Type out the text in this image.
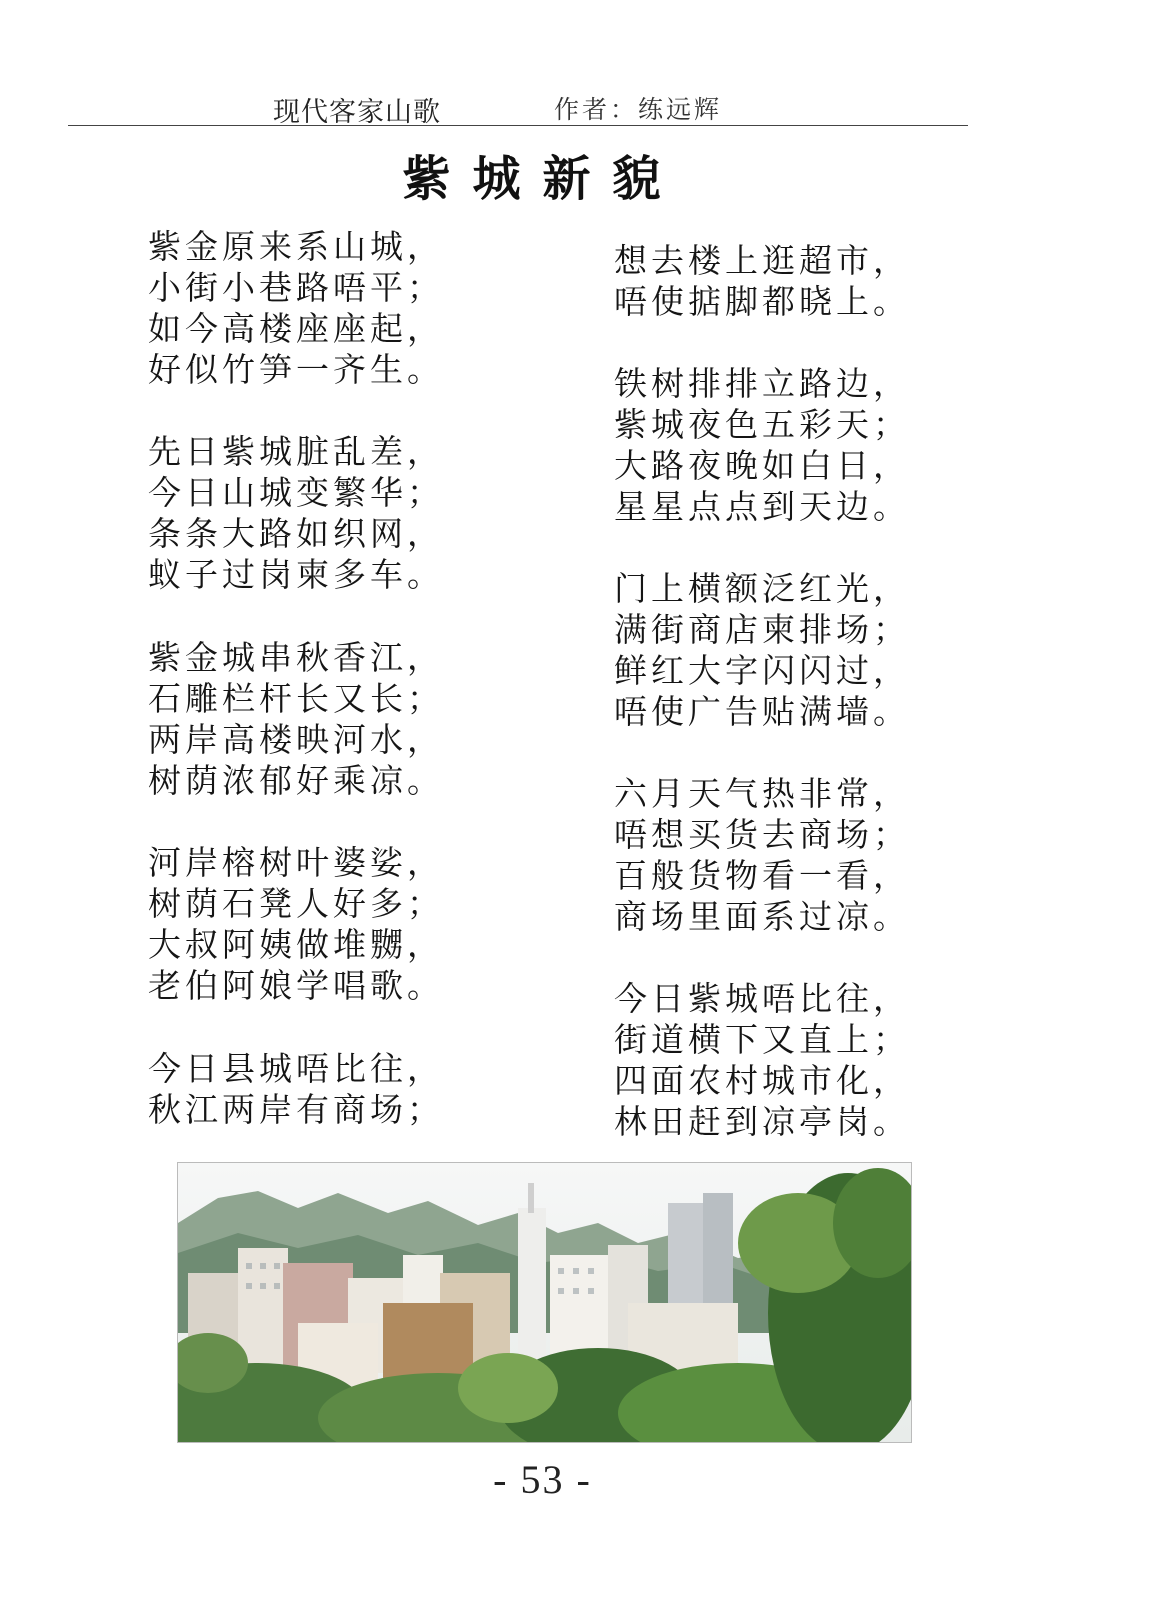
现代客家山歌	作者：练远辉
紫城新貌
紫金原来系山城，
小街小巷路唔平；
如今高楼座座起，
好似竹笋一齐生。
先日紫城脏乱差，
今日山城变繁华；
条条大路如织网，
蚁子过岗柬多车。
紫金城串秋香江，
石雕栏杆长又长；
两岸高楼映河水，
树荫浓郁好乘凉。
河岸榕树叶婆娑，
树荫石凳人好多；
大叔阿姨做堆嬲，
老伯阿娘学唱歌。
今日县城唔比往，
秋江两岸有商场；
想去楼上逛超市，
唔使掂脚都晓上。
铁树排排立路边，
紫城夜色五彩天；
大路夜晚如白日，
星星点点到天边。
门上横额泛红光，
满街商店柬排场；
鲜红大字闪闪过，
唔使广告贴满墙。
六月天气热非常，
唔想买货去商场；
百般货物看一看，
商场里面系过凉。
今日紫城唔比往，
街道横下又直上；
四面农村城市化，
林田赶到凉亭岗。
- 53 -
